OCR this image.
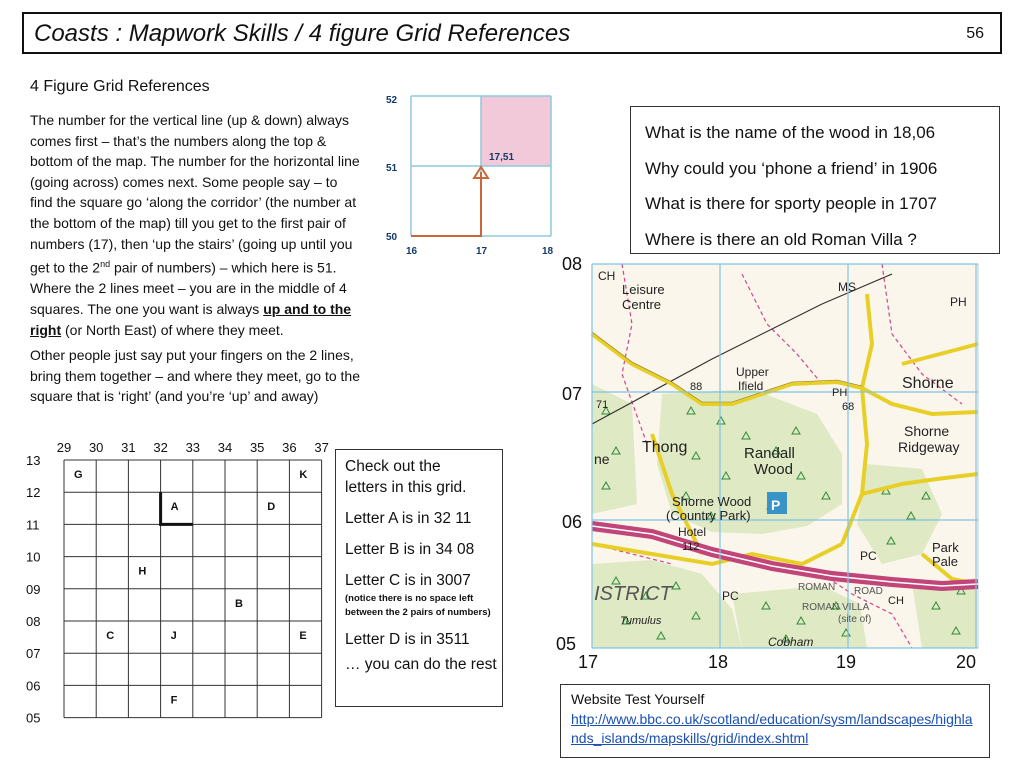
Coasts : Mapwork Skills / 4 figure Grid References	56
4 Figure Grid References
The number for the vertical line (up & down) always comes first – that’s the numbers along the top & bottom of the map. The number for the horizontal line (going across) comes next. Some people say – to find the square go ‘along the corridor’ (the number at the bottom of the map) till you get to the first pair of numbers (17), then ‘up the stairs’ (going up until you get to the 2nd pair of numbers) – which here is 51. Where the 2 lines meet – you are in the middle of 4 squares. The one you want is always up and to the right (or North East) of where they meet.
Other people just say put your fingers on the 2 lines, bring them together – and where they meet, go to the square that is ‘right’ (and you’re ‘up’ and away)
52
51
50
16	17	18
17,51
What is the name of the wood in 18,06
Why could you ‘phone a friend’ in 1906
What is there for sporty people in 1707
Where is there an old Roman Villa ?
08
07
06
05
CH
Leisure
Centre
MS
PH
Upper
Ifield
88	PH
Shorne
68
71
Shorne
Ridgeway
Thong
ne	Randall
Wood
Shorne Wood
(Country Park)
Hotel
112
PC
Park
Pale
ISTRICT	PC
ROMAN ROAD
ROMAN VILLA
(site of)
Tumulus
Cobham
P
CH
17	18	19	20
29 30 31 32 33 34 35 36 37
13
12
11
10
09
08
07
06
05
G	K
A	D
H
B
C	J	E
F
Check out the
letters in this grid.
Letter A is in 32 11
Letter B is in 34 08
Letter C is in 3007
(notice there is no space left
between the 2 pairs of numbers)
Letter D is in 3511
… you can do the rest
Website Test Yourself
http://www.bbc.co.uk/scotland/education/sysm/landscapes/highlands_islands/mapskills/grid/index.shtml
